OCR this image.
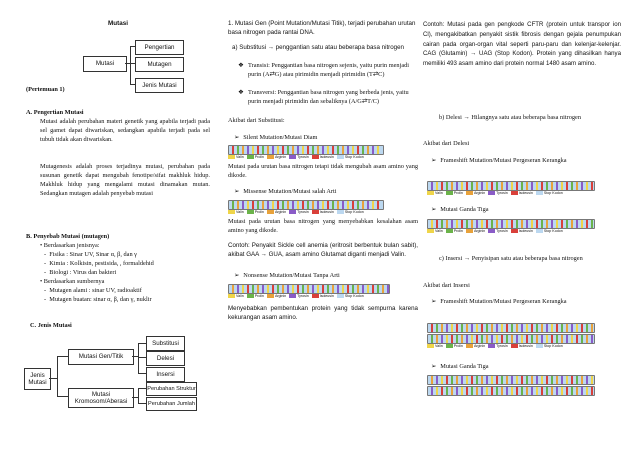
Mutasi
Mutasi
Pengertian
Mutagen
Jenis Mutasi
(Pertemuan 1)
A. Pengertian Mutasi
Mutasi adalah perubahan materi genetik yang apabila terjadi pada sel gamet dapat diwariskan, sedangkan apabila terjadi pada sel tubuh tidak akan diwariskan.
Mutagenesis adalah proses terjadinya mutasi, perubahan pada susunan genetik dapat mengubah fenotipe/sifat makhluk hidup. Makhluk hidup yang mengalami mutasi dinamakan mutan. Sedangkan mutagen adalah penyebab mutasi
B. Penyebab Mutasi (mutagen)
• Berdasarkan jenisnya:
-  Fisika : Sinar UV, Sinar α, β, dan γ
-  Kimia : Kolkisin, pestisida, , formaldehid
-  Biologi : Virus dan bakteri
• Berdasarkan sumbernya
-  Mutagen alami : sinar UV, radioaktif
-  Mutagen buatan: sinar α, β, dan γ, nuklir
C. Jenis Mutasi
Jenis Mutasi
Mutasi Gen/Titik
Mutasi Kromosom/Aberasi
Substitusi
Delesi
Insersi
Perubahan Struktur
Perubahan Jumlah
1. Mutasi Gen (Point Mutation/Mutasi Titik), terjadi perubahan urutan basa nitrogen pada rantai DNA.
a) Substitusi → penggantian satu atau beberapa basa nitrogen
❖ Transisi: Penggantian basa nitrogen sejenis, yaitu purin menjadi purin (A⇄G) atau pirimidin menjadi pirimidin (T⇄C)
❖ Transversi: Penggantian basa nitrogen yang berbeda jenis, yaitu purin menjadi pirimidin dan sebaliknya (A/G⇄T/C)
Akibat dari Substitusi:
➢ Silent Mutation/Mutasi Diam
Valin	Prolin	Arginin	Tyrosin	Isoleusin	Stop Kodon
Mutasi pada urutan basa nitrogen tetapi tidak mengubah asam amino yang dikode.
➢ Missense Mutation/Mutasi salah Arti
Valin	Prolin	Arginin	Tyrosin	Isoleusin	Stop Kodon
Mutasi pada urutan basa nitrogen yang menyebabkan kesalahan asam amino yang dikode.
Contoh: Penyakit Sickle cell anemia (eritrosit berbentuk bulan sabit), akibat GAA → GUA, asam amino Glutamat diganti menjadi Valin.
➢ Nonsense Mutation/Mutasi Tanpa Arti
Valin	Prolin	Arginin	Tyrosin	Isoleusin	Stop Kodon
Menyebabkan pembentukan protein yang tidak sempurna karena kekurangan asam amino.
Contoh: Mutasi pada gen pengkode CFTR (protein untuk transpor ion Cl), mengakibatkan penyakit sistik fibrosis dengan gejala penumpukan cairan pada organ-organ vital seperti paru-paru dan kelenjar-kelenjar. CAG (Glutamin) → UAG (Stop Kodon). Protein yang dihasilkan hanya memiliki 493 asam amino dari protein normal 1480 asam amino.
b) Delesi → Hilangnya satu atau beberapa basa nitrogen
Akibat dari Delesi
➢ Frameshift Mutation/Mutasi Pergeseran Kerangka
Valin	Prolin	Arginin	Tyrosin	Isoleusin	Stop Kodon
➢ Mutasi Ganda Tiga
Valin	Prolin	Arginin	Tyrosin	Isoleusin	Stop Kodon
c) Insersi → Penyisipan satu atau beberapa basa nitrogen
Akibat dari Insersi
➢ Frameshift Mutation/Mutasi Pergeseran Kerangka
Valin	Prolin	Arginin	Tyrosin	Isoleusin	Stop Kodon
➢ Mutasi Ganda Tiga
